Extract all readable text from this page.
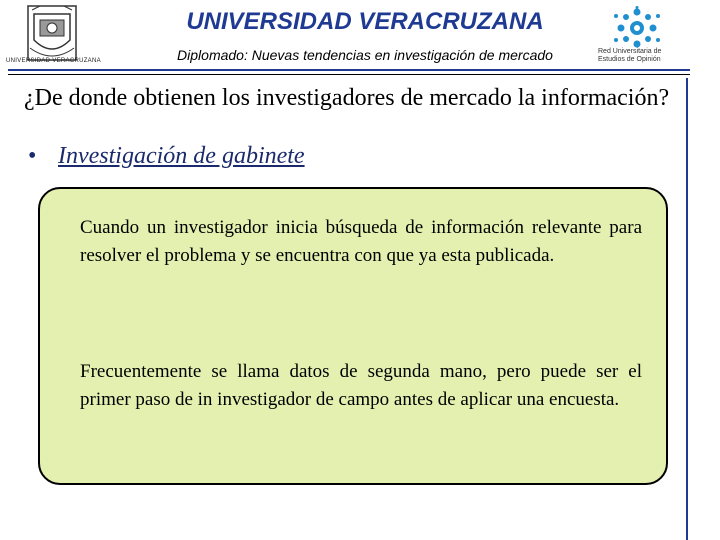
UNIVERSIDAD VERACRUZANA
UNIVERSIDAD VERACRUZANA
Diplomado: Nuevas tendencias en investigación de mercado	Red Universitaria de Estudios de Opinión
¿De donde obtienen los investigadores de mercado la información?
• Investigación de gabinete
Cuando un investigador inicia búsqueda de información relevante para resolver el problema y se encuentra con que ya esta publicada.
Frecuentemente se llama datos de segunda mano, pero puede ser el primer paso de in investigador de campo antes de aplicar una encuesta.
